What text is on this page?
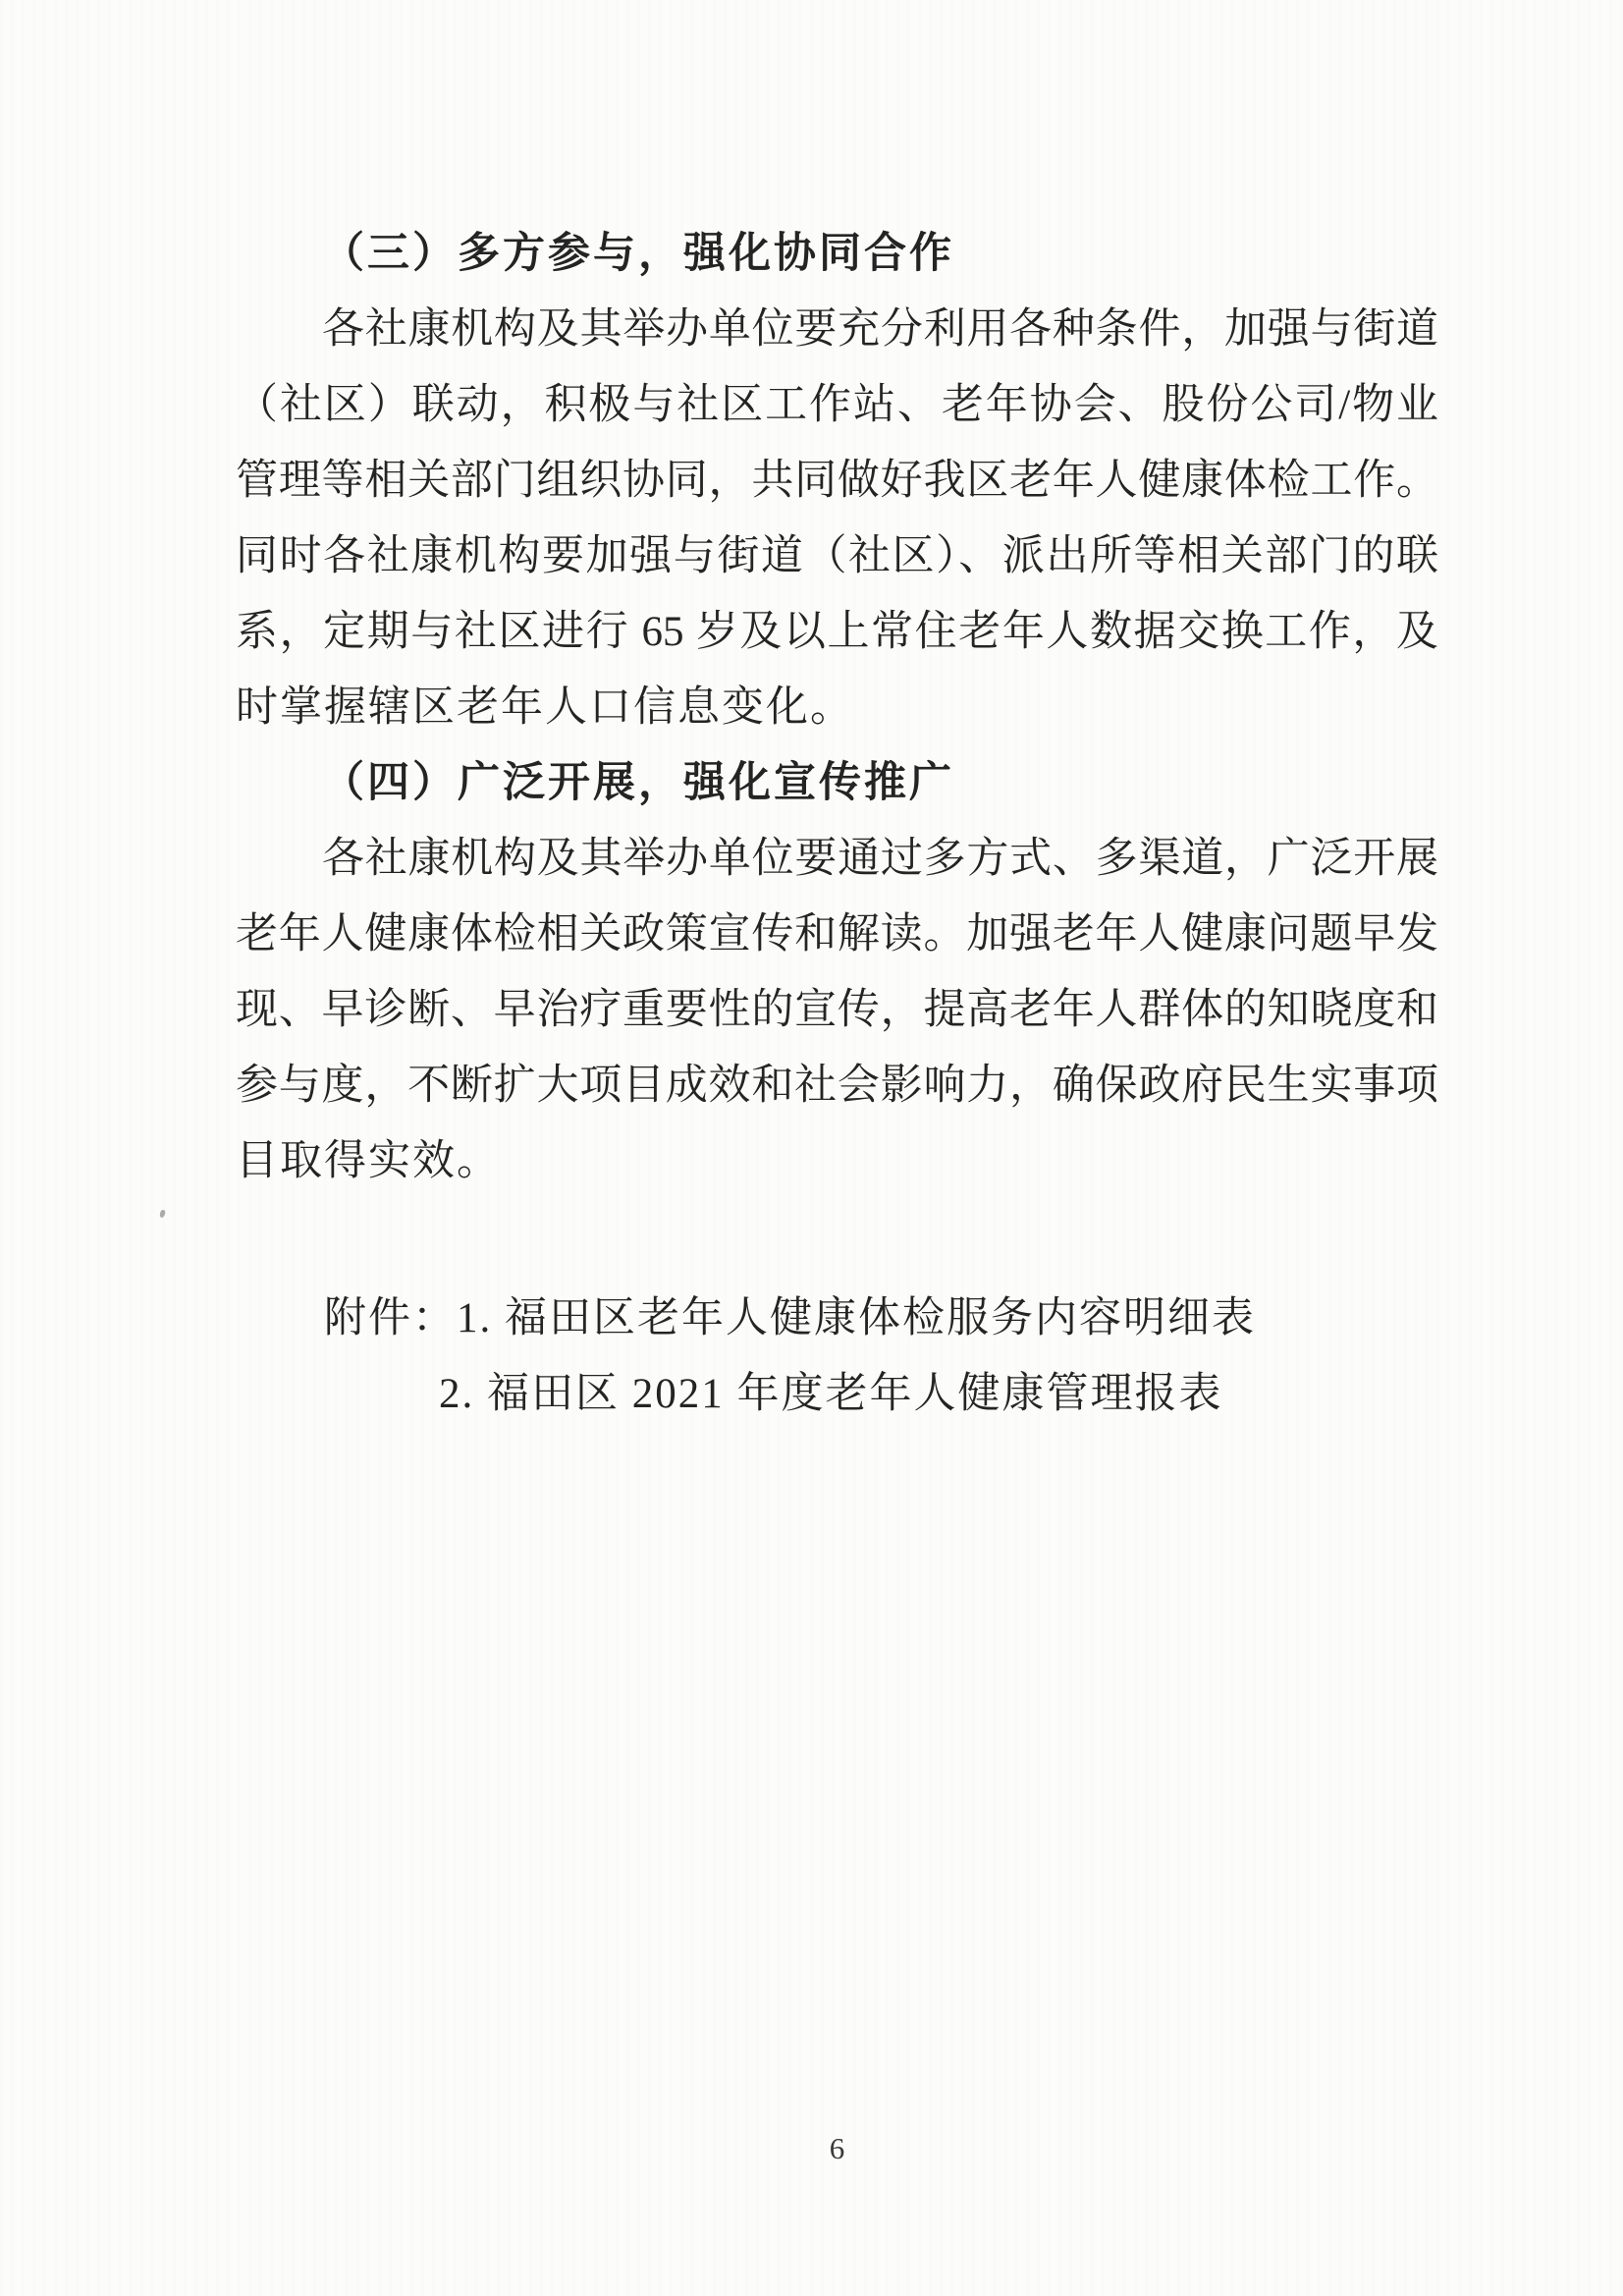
（三）多方参与，强化协同合作
各社康机构及其举办单位要充分利用各种条件，加强与街道
（社区）联动，积极与社区工作站、老年协会、股份公司/物业
管理等相关部门组织协同，共同做好我区老年人健康体检工作。
同时各社康机构要加强与街道（社区）、派出所等相关部门的联
系，定期与社区进行 65 岁及以上常住老年人数据交换工作，及
时掌握辖区老年人口信息变化。
（四）广泛开展，强化宣传推广
各社康机构及其举办单位要通过多方式、多渠道，广泛开展
老年人健康体检相关政策宣传和解读。加强老年人健康问题早发
现、早诊断、早治疗重要性的宣传，提高老年人群体的知晓度和
参与度，不断扩大项目成效和社会影响力，确保政府民生实事项
目取得实效。
附件：1. 福田区老年人健康体检服务内容明细表
2. 福田区 2021 年度老年人健康管理报表
6
